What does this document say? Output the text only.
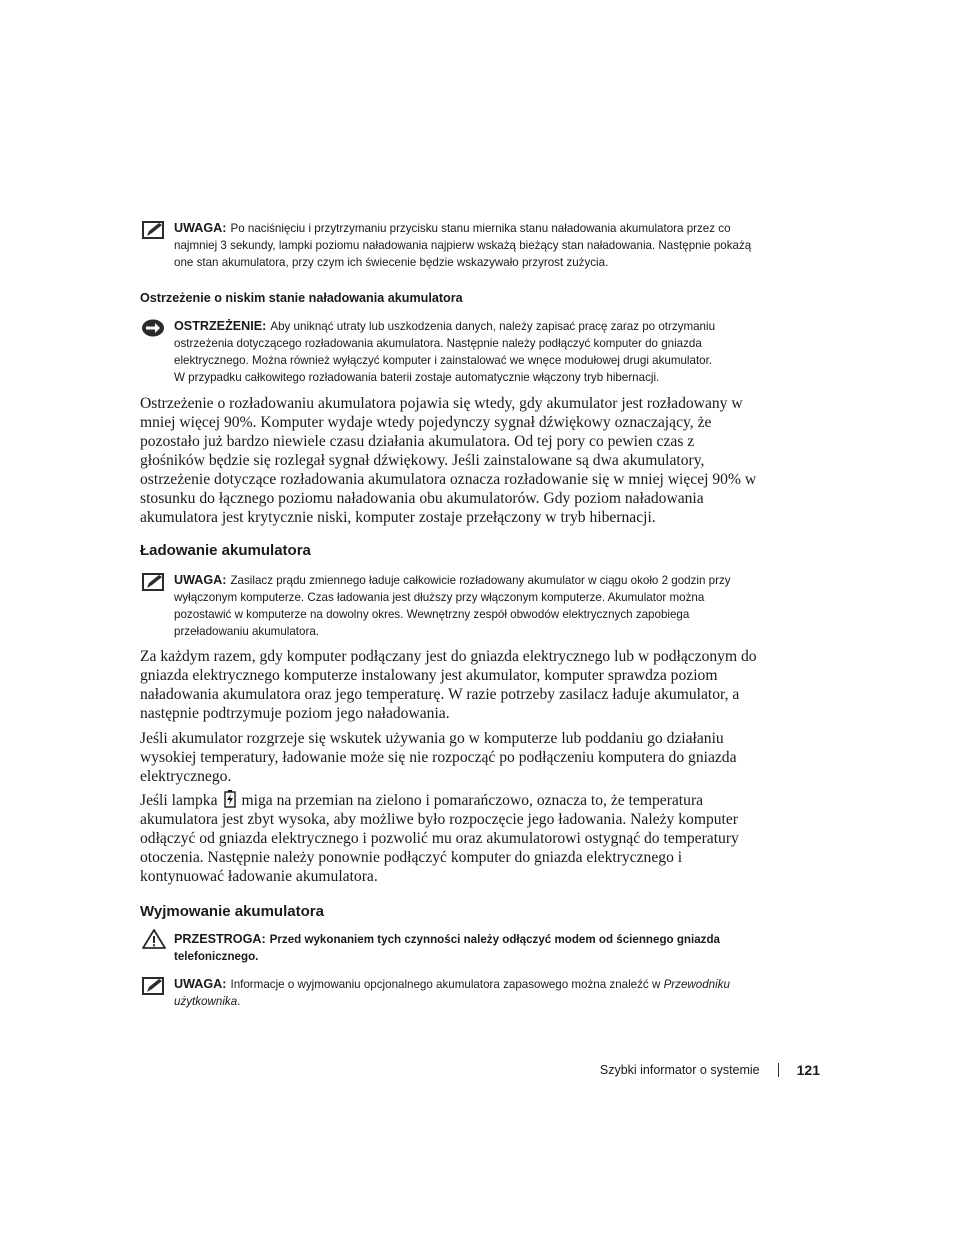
UWAGA: Po naciśnięciu i przytrzymaniu przycisku stanu miernika stanu naładowania akumulatora przez co najmniej 3 sekundy, lampki poziomu naładowania najpierw wskażą bieżący stan naładowania. Następnie pokażą one stan akumulatora, przy czym ich świecenie będzie wskazywało przyrost zużycia.
Ostrzeżenie o niskim stanie naładowania akumulatora
OSTRZEŻENIE: Aby uniknąć utraty lub uszkodzenia danych, należy zapisać pracę zaraz po otrzymaniu ostrzeżenia dotyczącego rozładowania akumulatora. Następnie należy podłączyć komputer do gniazda elektrycznego. Można również wyłączyć komputer i zainstalować we wnęce modułowej drugi akumulator.
W przypadku całkowitego rozładowania baterii zostaje automatycznie włączony tryb hibernacji.
Ostrzeżenie o rozładowaniu akumulatora pojawia się wtedy, gdy akumulator jest rozładowany w mniej więcej 90%. Komputer wydaje wtedy pojedynczy sygnał dźwiękowy oznaczający, że pozostało już bardzo niewiele czasu działania akumulatora. Od tej pory co pewien czas z głośników będzie się rozlegał sygnał dźwiękowy. Jeśli zainstalowane są dwa akumulatory, ostrzeżenie dotyczące rozładowania akumulatora oznacza rozładowanie się w mniej więcej 90% w stosunku do łącznego poziomu naładowania obu akumulatorów. Gdy poziom naładowania akumulatora jest krytycznie niski, komputer zostaje przełączony w tryb hibernacji.
Ładowanie akumulatora
UWAGA: Zasilacz prądu zmiennego ładuje całkowicie rozładowany akumulator w ciągu około 2 godzin przy wyłączonym komputerze. Czas ładowania jest dłuższy przy włączonym komputerze. Akumulator można pozostawić w komputerze na dowolny okres. Wewnętrzny zespół obwodów elektrycznych zapobiega przeładowaniu akumulatora.
Za każdym razem, gdy komputer podłączany jest do gniazda elektrycznego lub w podłączonym do gniazda elektrycznego komputerze instalowany jest akumulator, komputer sprawdza poziom naładowania akumulatora oraz jego temperaturę. W razie potrzeby zasilacz ładuje akumulator, a następnie podtrzymuje poziom jego naładowania.
Jeśli akumulator rozgrzeje się wskutek używania go w komputerze lub poddaniu go działaniu wysokiej temperatury, ładowanie może się nie rozpocząć po podłączeniu komputera do gniazda elektrycznego.
Jeśli lampka miga na przemian na zielono i pomarańczowo, oznacza to, że temperatura akumulatora jest zbyt wysoka, aby możliwe było rozpoczęcie jego ładowania. Należy komputer odłączyć od gniazda elektrycznego i pozwolić mu oraz akumulatorowi ostygnąć do temperatury otoczenia. Następnie należy ponownie podłączyć komputer do gniazda elektrycznego i kontynuować ładowanie akumulatora.
Wyjmowanie akumulatora
PRZESTROGA: Przed wykonaniem tych czynności należy odłączyć modem od ściennego gniazda telefonicznego.
UWAGA: Informacje o wyjmowaniu opcjonalnego akumulatora zapasowego można znaleźć w Przewodniku użytkownika.
Szybki informator o systemie	121
